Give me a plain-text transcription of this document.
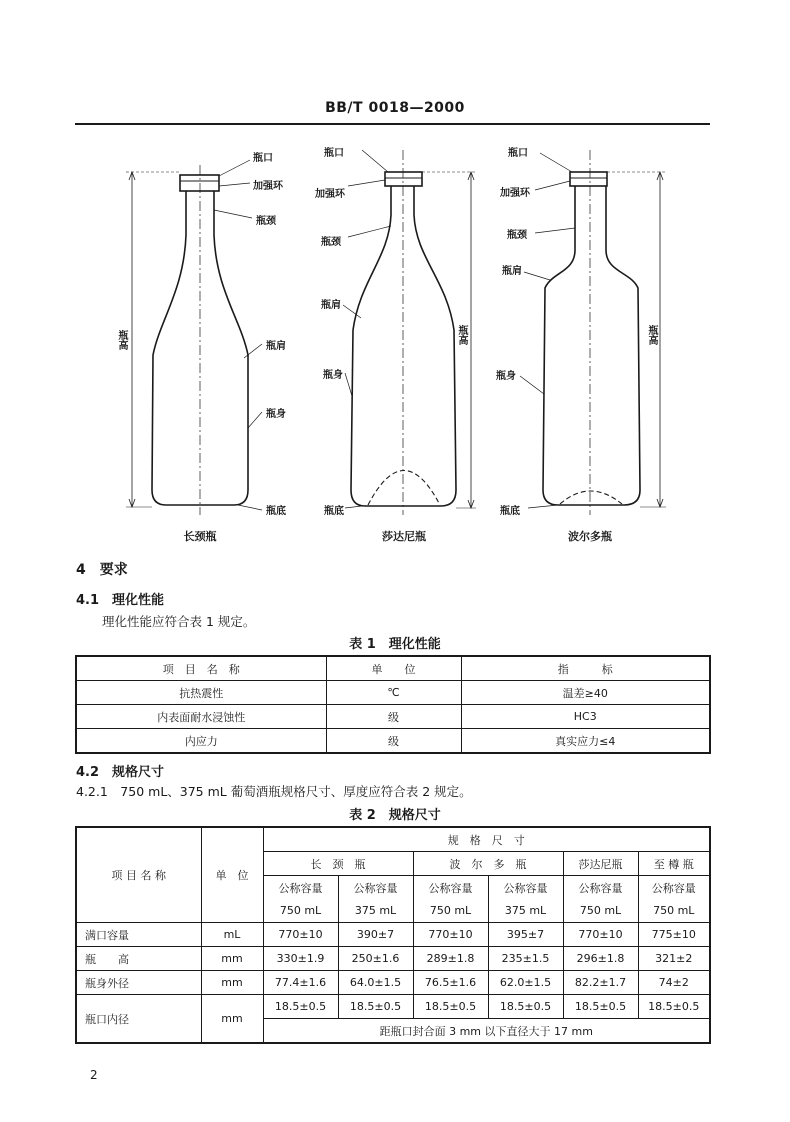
BB/T 0018—2000
瓶口
加强环
瓶颈
瓶肩
瓶身
瓶底
瓶高
长颈瓶
瓶口
加强环
瓶颈
瓶肩
瓶身
瓶底
瓶高
莎达尼瓶
瓶口
加强环
瓶颈
瓶肩
瓶身
瓶底
瓶高
波尔多瓶
4　要求
4.1　理化性能
理化性能应符合表 1 规定。
表 1　理化性能
项　目　名　称	单　　位	指　　　标
抗热震性	℃	温差≥40
内表面耐水浸蚀性	级	HC3
内应力	级	真实应力≤4
4.2　规格尺寸
4.2.1　750 mL、375 mL 葡萄酒瓶规格尺寸、厚度应符合表 2 规定。
表 2　规格尺寸
项 目 名 称	单　位	规　格　尺　寸					
		长　颈　瓶		波　尔　多　瓶		莎达尼瓶	至 樽 瓶
		公称容量	公称容量	公称容量	公称容量	公称容量	公称容量
		750 mL	375 mL	750 mL	375 mL	750 mL	750 mL
满口容量	mL	770±10	390±7	770±10	395±7	770±10	775±10
瓶　　高	mm	330±1.9	250±1.6	289±1.8	235±1.5	296±1.8	321±2
瓶身外径	mm	77.4±1.6	64.0±1.5	76.5±1.6	62.0±1.5	82.2±1.7	74±2
瓶口内径	mm	18.5±0.5	18.5±0.5	18.5±0.5	18.5±0.5	18.5±0.5	18.5±0.5
		距瓶口封合面 3 mm 以下直径大于 17 mm					
2
